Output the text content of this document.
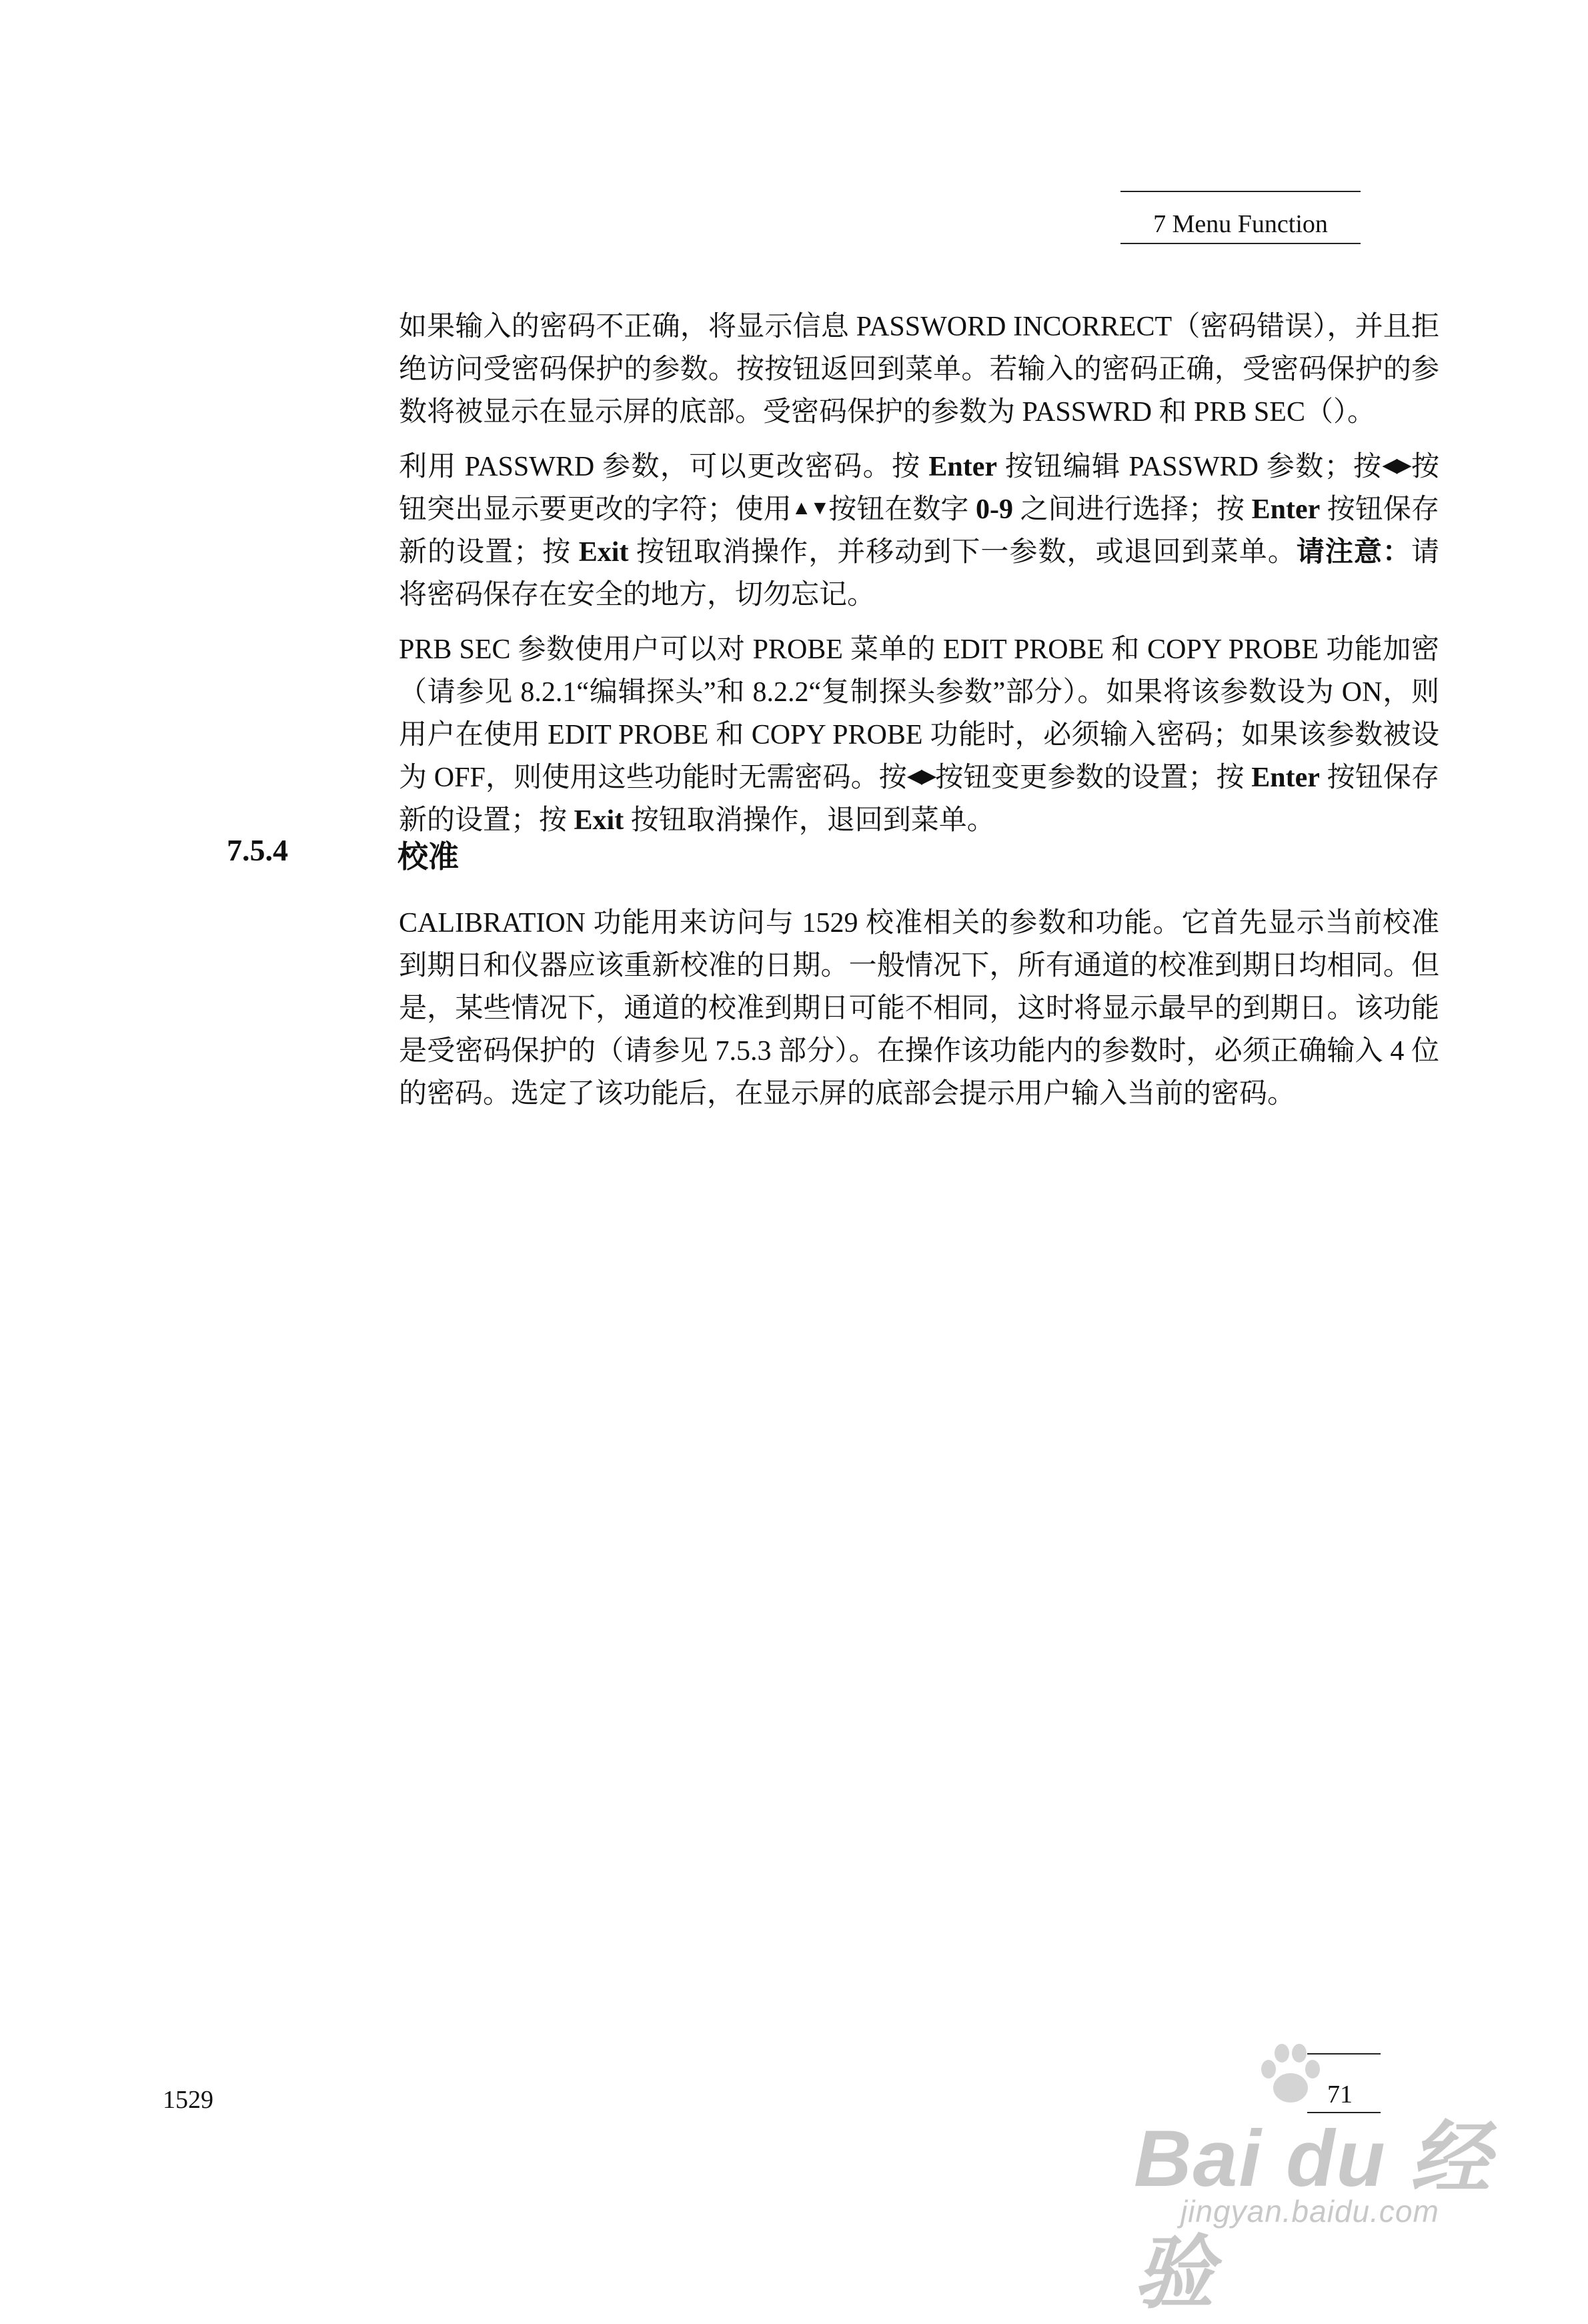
7 Menu Function

如果输入的密码不正确，将显示信息 PASSWORD INCORRECT（密码错误），并且拒绝访问受密码保护的参数。按按钮返回到菜单。若输入的密码正确，受密码保护的参数将被显示在显示屏的底部。受密码保护的参数为 PASSWRD 和 PRB SEC（）。

利用 PASSWRD 参数，可以更改密码。按 Enter 按钮编辑 PASSWRD 参数；按◀▶按钮突出显示要更改的字符；使用▲▼按钮在数字 0-9 之间进行选择；按 Enter 按钮保存新的设置；按 Exit 按钮取消操作，并移动到下一参数，或退回到菜单。请注意：请将密码保存在安全的地方，切勿忘记。

PRB SEC 参数使用户可以对 PROBE 菜单的 EDIT PROBE 和 COPY PROBE 功能加密（请参见 8.2.1“编辑探头”和 8.2.2“复制探头参数”部分）。如果将该参数设为 ON，则用户在使用 EDIT PROBE 和 COPY PROBE 功能时，必须输入密码；如果该参数被设为 OFF，则使用这些功能时无需密码。按◀▶按钮变更参数的设置；按 Enter 按钮保存新的设置；按 Exit 按钮取消操作，退回到菜单。

7.5.4	校准

CALIBRATION 功能用来访问与 1529 校准相关的参数和功能。它首先显示当前校准到期日和仪器应该重新校准的日期。一般情况下，所有通道的校准到期日均相同。但是，某些情况下，通道的校准到期日可能不相同，这时将显示最早的到期日。该功能是受密码保护的（请参见 7.5.3 部分）。在操作该功能内的参数时，必须正确输入 4 位的密码。选定了该功能后，在显示屏的底部会提示用户输入当前的密码。

1529	71
Bai du 经验
jingyan.baidu.com
